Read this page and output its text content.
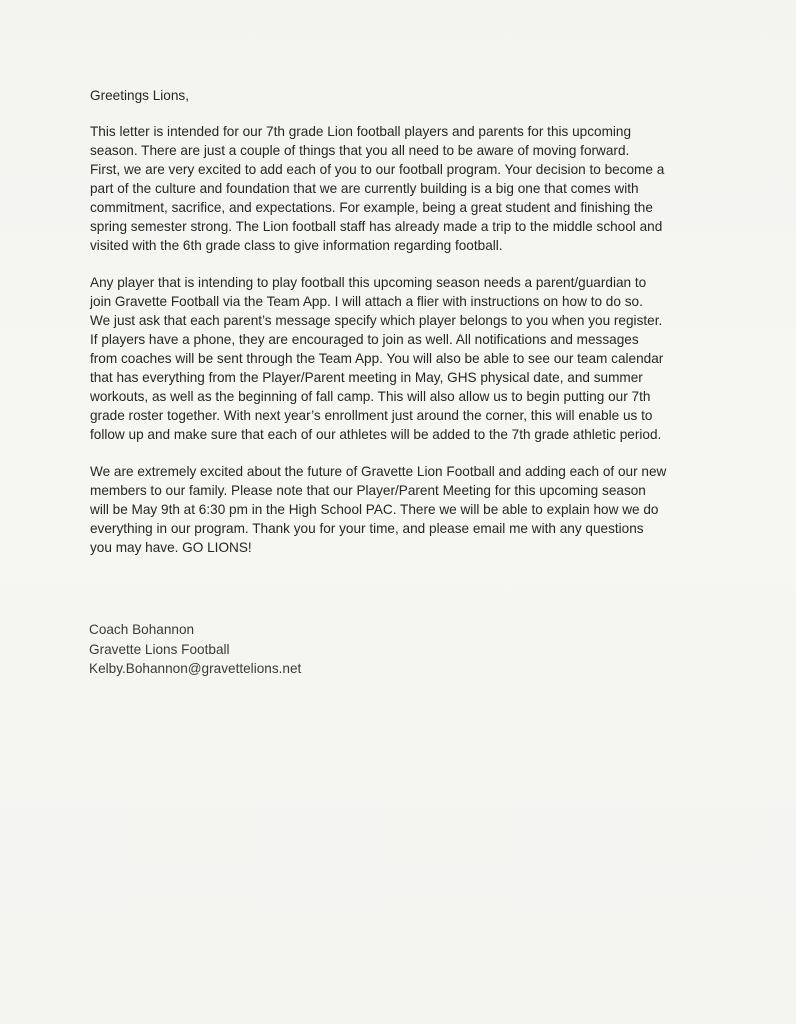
Greetings Lions,

This letter is intended for our 7th grade Lion football players and parents for this upcoming
season. There are just a couple of things that you all need to be aware of moving forward.
First, we are very excited to add each of you to our football program. Your decision to become a
part of the culture and foundation that we are currently building is a big one that comes with
commitment, sacrifice, and expectations. For example, being a great student and finishing the
spring semester strong. The Lion football staff has already made a trip to the middle school and
visited with the 6th grade class to give information regarding football.

Any player that is intending to play football this upcoming season needs a parent/guardian to
join Gravette Football via the Team App. I will attach a flier with instructions on how to do so.
We just ask that each parent’s message specify which player belongs to you when you register.
If players have a phone, they are encouraged to join as well. All notifications and messages
from coaches will be sent through the Team App. You will also be able to see our team calendar
that has everything from the Player/Parent meeting in May, GHS physical date, and summer
workouts, as well as the beginning of fall camp. This will also allow us to begin putting our 7th
grade roster together. With next year’s enrollment just around the corner, this will enable us to
follow up and make sure that each of our athletes will be added to the 7th grade athletic period.

We are extremely excited about the future of Gravette Lion Football and adding each of our new
members to our family. Please note that our Player/Parent Meeting for this upcoming season
will be May 9th at 6:30 pm in the High School PAC. There we will be able to explain how we do
everything in our program. Thank you for your time, and please email me with any questions
you may have. GO LIONS!

Coach Bohannon
Gravette Lions Football
Kelby.Bohannon@gravettelions.net
